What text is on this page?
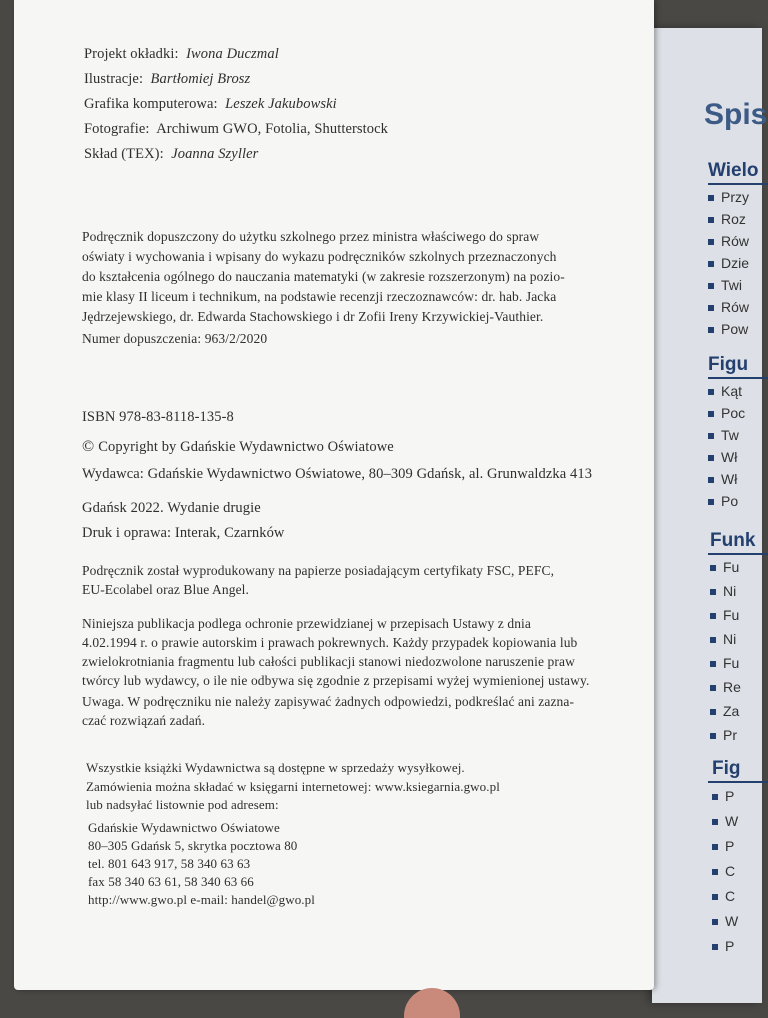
Spis
Wielo
Przy
Roz
Rów
Dzie
Twi
Rów
Pow
Figu
Kąt
Poc
Tw
Wł
Wł
Po
Funk
Fu
Ni
Fu
Ni
Fu
Re
Za
Pr
Fig
P
W
P
C
C
W
P
Projekt okładki: Iwona Duczmal
Ilustracje: Bartłomiej Brosz
Grafika komputerowa: Leszek Jakubowski
Fotografie: Archiwum GWO, Fotolia, Shutterstock
Skład (TEX): Joanna Szyller
Podręcznik dopuszczony do użytku szkolnego przez ministra właściwego do spraw
oświaty i wychowania i wpisany do wykazu podręczników szkolnych przeznaczonych
do kształcenia ogólnego do nauczania matematyki (w zakresie rozszerzonym) na pozio-
mie klasy II liceum i technikum, na podstawie recenzji rzeczoznawców: dr. hab. Jacka
Jędrzejewskiego, dr. Edwarda Stachowskiego i dr Zofii Ireny Krzywickiej-Vauthier.
Numer dopuszczenia: 963/2/2020
ISBN 978-83-8118-135-8
© Copyright by Gdańskie Wydawnictwo Oświatowe
Wydawca: Gdańskie Wydawnictwo Oświatowe, 80–309 Gdańsk, al. Grunwaldzka 413
Gdańsk 2022. Wydanie drugie
Druk i oprawa: Interak, Czarnków
Podręcznik został wyprodukowany na papierze posiadającym certyfikaty FSC, PEFC,
EU-Ecolabel oraz Blue Angel.
Niniejsza publikacja podlega ochronie przewidzianej w przepisach Ustawy z dnia
4.02.1994 r. o prawie autorskim i prawach pokrewnych. Każdy przypadek kopiowania lub
zwielokrotniania fragmentu lub całości publikacji stanowi niedozwolone naruszenie praw
twórcy lub wydawcy, o ile nie odbywa się zgodnie z przepisami wyżej wymienionej ustawy.
Uwaga. W podręczniku nie należy zapisywać żadnych odpowiedzi, podkreślać ani zazna-
czać rozwiązań zadań.
Wszystkie książki Wydawnictwa są dostępne w sprzedaży wysyłkowej.
Zamówienia można składać w księgarni internetowej: www.ksiegarnia.gwo.pl
lub nadsyłać listownie pod adresem:
Gdańskie Wydawnictwo Oświatowe
80–305 Gdańsk 5, skrytka pocztowa 80
tel. 801 643 917, 58 340 63 63
fax 58 340 63 61, 58 340 63 66
http://www.gwo.pl e-mail: handel@gwo.pl
